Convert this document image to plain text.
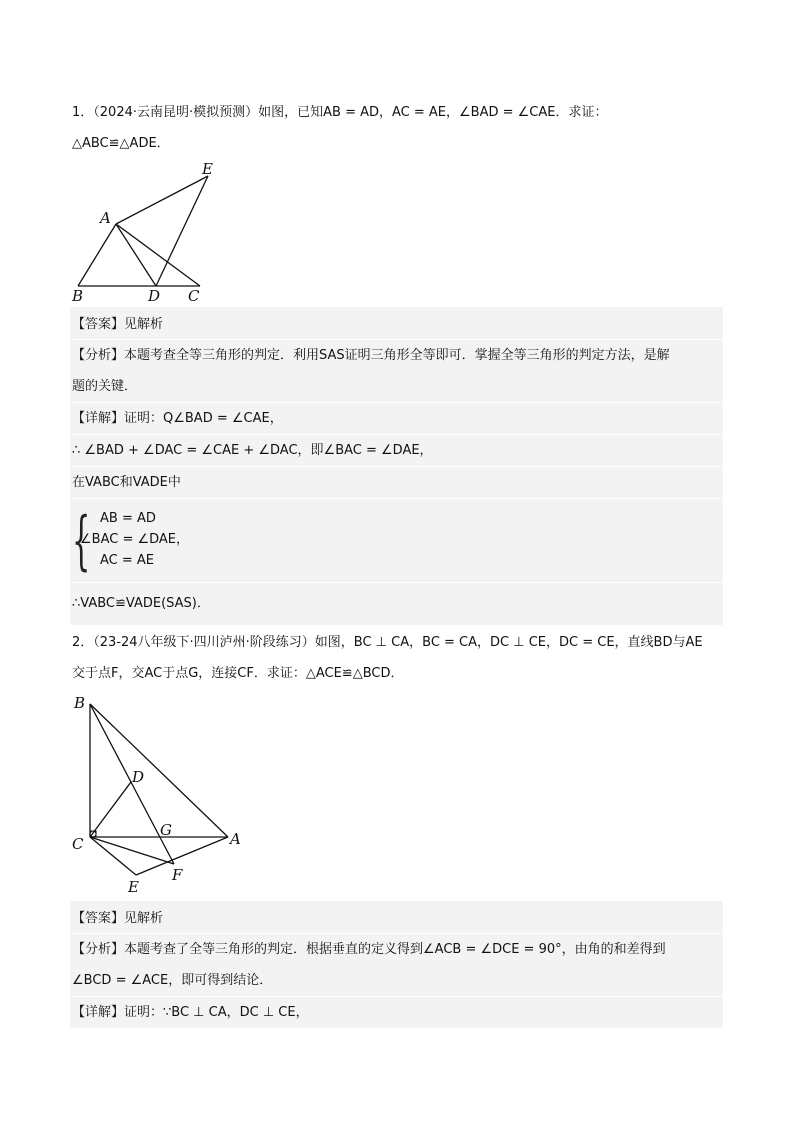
1．（2024·云南昆明·模拟预测）如图，已知AB = AD，AC = AE，∠BAD = ∠CAE．求证：
△ABC≌△ADE．
A
B	D C
E
【答案】见解析
【分析】本题考查全等三角形的判定．利用SAS证明三角形全等即可．掌握全等三角形的判定方法，是解
题的关键．
【详解】证明：Q∠BAD = ∠CAE，
∴ ∠BAD + ∠DAC = ∠CAE + ∠DAC，即∠BAC = ∠DAE，
在VABC和VADE中
{ AB = AD
∠BAC = ∠DAE，
AC = AE
∴VABC≌VADE(SAS)．
2．（23-24八年级下·四川泸州·阶段练习）如图，BC ⊥ CA，BC = CA，DC ⊥ CE，DC = CE，直线BD与AE
交于点F，交AC于点G，连接CF．求证：△ACE≌△BCD．
B
D
G	A
C
F
E
【答案】见解析
【分析】本题考查了全等三角形的判定．根据垂直的定义得到∠ACB = ∠DCE = 90°，由角的和差得到
∠BCD = ∠ACE，即可得到结论．
【详解】证明：∵BC ⊥ CA，DC ⊥ CE，
